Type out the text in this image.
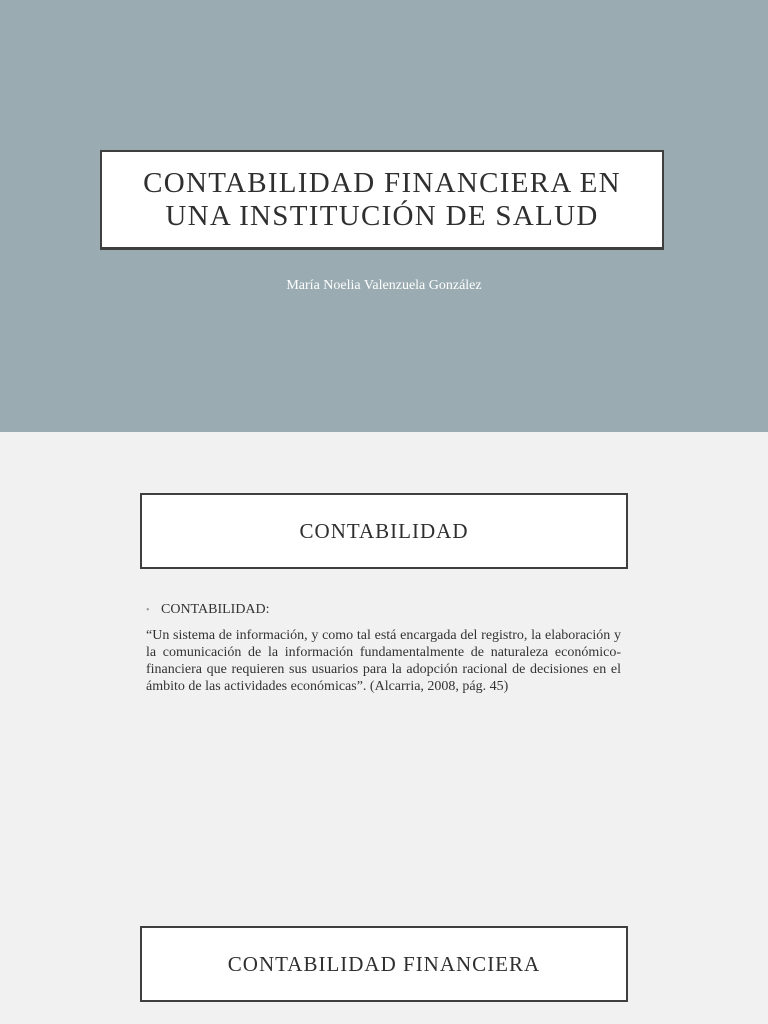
CONTABILIDAD FINANCIERA EN UNA INSTITUCIÓN DE SALUD
María Noelia Valenzuela González
CONTABILIDAD
• CONTABILIDAD:
“Un sistema de información, y como tal está encargada del registro, la elaboración y la comunicación de la información fundamentalmente de naturaleza económico-financiera que requieren sus usuarios para la adopción racional de decisiones en el ámbito de las actividades económicas”. (Alcarria, 2008, pág. 45)
CONTABILIDAD FINANCIERA
